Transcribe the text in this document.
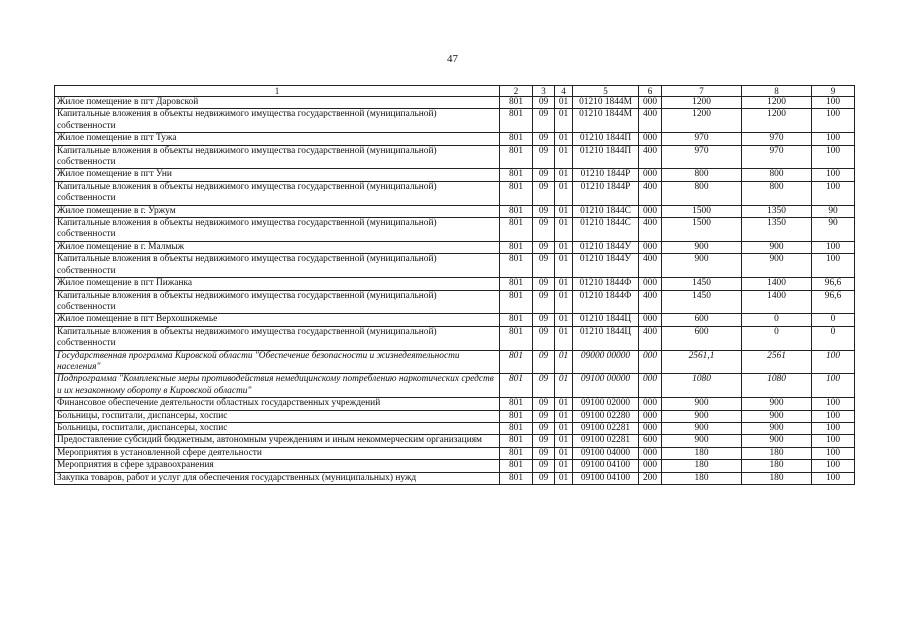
47
1	2	3	4	5	6	7	8	9
Жилое помещение в пгт Даровской	801	09	01	01210 1844М	000	1200	1200	100
Капитальные вложения в объекты недвижимого имущества государственной (муниципальной) собственности	801	09	01	01210 1844М	400	1200	1200	100
Жилое помещение в пгт Тужа	801	09	01	01210 1844П	000	970	970	100
Капитальные вложения в объекты недвижимого имущества государственной (муниципальной) собственности	801	09	01	01210 1844П	400	970	970	100
Жилое помещение в пгт Уни	801	09	01	01210 1844Р	000	800	800	100
Капитальные вложения в объекты недвижимого имущества государственной (муниципальной) собственности	801	09	01	01210 1844Р	400	800	800	100
Жилое помещение в г. Уржум	801	09	01	01210 1844С	000	1500	1350	90
Капитальные вложения в объекты недвижимого имущества государственной (муниципальной) собственности	801	09	01	01210 1844С	400	1500	1350	90
Жилое помещение в г. Малмыж	801	09	01	01210 1844У	000	900	900	100
Капитальные вложения в объекты недвижимого имущества государственной (муниципальной) собственности	801	09	01	01210 1844У	400	900	900	100
Жилое помещение в пгт Пижанка	801	09	01	01210 1844Ф	000	1450	1400	96,6
Капитальные вложения в объекты недвижимого имущества государственной (муниципальной) собственности	801	09	01	01210 1844Ф	400	1450	1400	96,6
Жилое помещение в пгт Верхошижемье	801	09	01	01210 1844Ц	000	600	0	0
Капитальные вложения в объекты недвижимого имущества государственной (муниципальной) собственности	801	09	01	01210 1844Ц	400	600	0	0
Государственная программа Кировской области "Обеспечение безопасности и жизнедеятельности населения"	801	09	01	09000 00000	000	2561,1	2561	100
Подпрограмма "Комплексные меры противодействия немедицинскому потреблению наркотических средств и их незаконному обороту в Кировской области"	801	09	01	09100 00000	000	1080	1080	100
Финансовое обеспечение деятельности областных государственных учреждений	801	09	01	09100 02000	000	900	900	100
Больницы, госпитали, диспансеры, хоспис	801	09	01	09100 02280	000	900	900	100
Больницы, госпитали, диспансеры, хоспис	801	09	01	09100 02281	000	900	900	100
Предоставление субсидий бюджетным, автономным учреждениям и иным некоммерческим организациям	801	09	01	09100 02281	600	900	900	100
Мероприятия в установленной сфере деятельности	801	09	01	09100 04000	000	180	180	100
Мероприятия в сфере здравоохранения	801	09	01	09100 04100	000	180	180	100
Закупка товаров, работ и услуг для обеспечения государственных (муниципальных) нужд	801	09	01	09100 04100	200	180	180	100
